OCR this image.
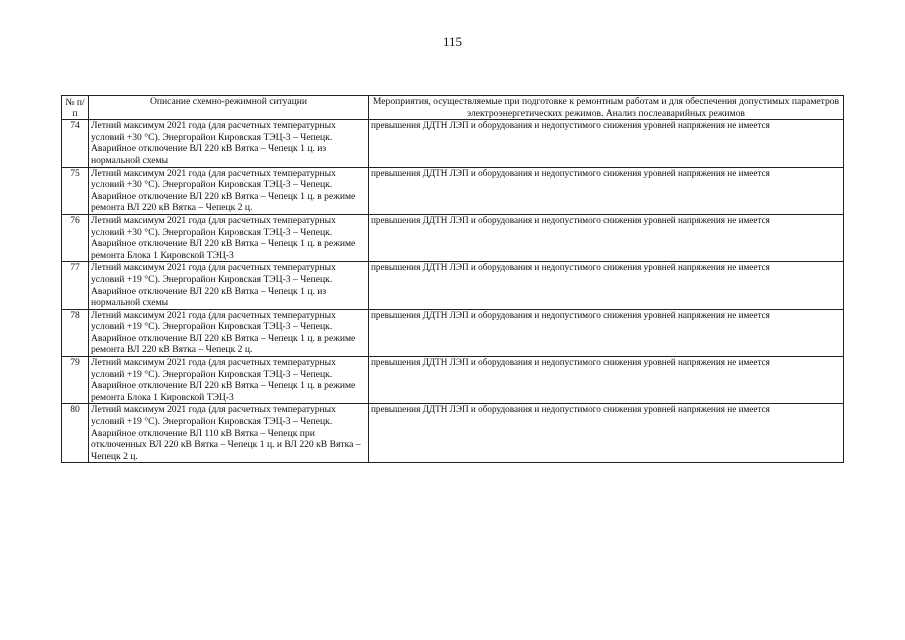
115
№ п/п	Описание схемно-режимной ситуации	Мероприятия, осуществляемые при подготовке к ремонтным работам и для обеспечения допустимых параметров электроэнергетических режимов. Анализ послеаварийных режимов
74	Летний максимум 2021 года (для расчетных температурных условий +30 °С). Энергорайон Кировская ТЭЦ-3 – Чепецк. Аварийное отключение ВЛ 220 кВ Вятка – Чепецк 1 ц. из нормальной схемы	превышения ДДТН ЛЭП и оборудования и недопустимого снижения уровней напряжения не имеется
75	Летний максимум 2021 года (для расчетных температурных условий +30 °С). Энергорайон Кировская ТЭЦ-3 – Чепецк. Аварийное отключение ВЛ 220 кВ Вятка – Чепецк 1 ц. в режиме ремонта ВЛ 220 кВ Вятка – Чепецк 2 ц.	превышения ДДТН ЛЭП и оборудования и недопустимого снижения уровней напряжения не имеется
76	Летний максимум 2021 года (для расчетных температурных условий +30 °С). Энергорайон Кировская ТЭЦ-3 – Чепецк. Аварийное отключение ВЛ 220 кВ Вятка – Чепецк 1 ц. в режиме ремонта Блока 1 Кировской ТЭЦ-3	превышения ДДТН ЛЭП и оборудования и недопустимого снижения уровней напряжения не имеется
77	Летний максимум 2021 года (для расчетных температурных условий +19 °С). Энергорайон Кировская ТЭЦ-3 – Чепецк. Аварийное отключение ВЛ 220 кВ Вятка – Чепецк 1 ц. из нормальной схемы	превышения ДДТН ЛЭП и оборудования и недопустимого снижения уровней напряжения не имеется
78	Летний максимум 2021 года (для расчетных температурных условий +19 °С). Энергорайон Кировская ТЭЦ-3 – Чепецк. Аварийное отключение ВЛ 220 кВ Вятка – Чепецк 1 ц. в режиме ремонта ВЛ 220 кВ Вятка – Чепецк 2 ц.	превышения ДДТН ЛЭП и оборудования и недопустимого снижения уровней напряжения не имеется
79	Летний максимум 2021 года (для расчетных температурных условий +19 °С). Энергорайон Кировская ТЭЦ-3 – Чепецк. Аварийное отключение ВЛ 220 кВ Вятка – Чепецк 1 ц. в режиме ремонта Блока 1 Кировской ТЭЦ-3	превышения ДДТН ЛЭП и оборудования и недопустимого снижения уровней напряжения не имеется
80	Летний максимум 2021 года (для расчетных температурных условий +19 °С). Энергорайон Кировская ТЭЦ-3 – Чепецк. Аварийное отключение ВЛ 110 кВ Вятка – Чепецк при отключенных ВЛ 220 кВ Вятка – Чепецк 1 ц. и ВЛ 220 кВ Вятка – Чепецк 2 ц.	превышения ДДТН ЛЭП и оборудования и недопустимого снижения уровней напряжения не имеется
